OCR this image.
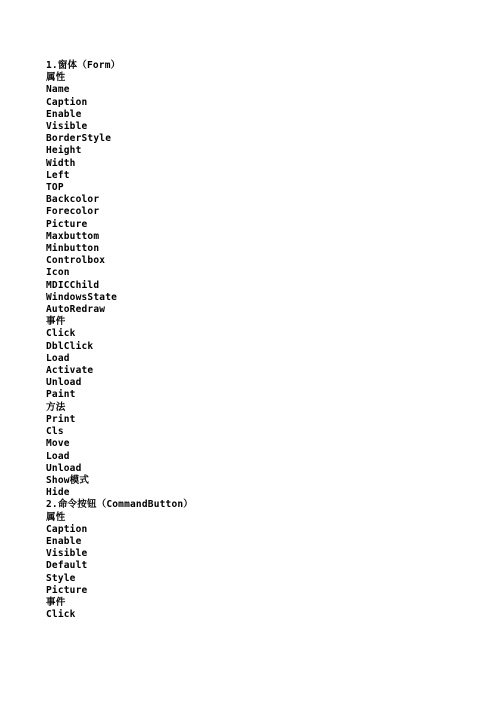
1.窗体（Form）
属性
Name
Caption
Enable
Visible
BorderStyle
Height
Width
Left
TOP
Backcolor
Forecolor
Picture
Maxbuttom
Minbutton
Controlbox
Icon
MDICChild
WindowsState
AutoRedraw
事件
Click
DblClick
Load
Activate
Unload
Paint
方法
Print
Cls
Move
Load
Unload
Show模式
Hide
2.命令按钮（CommandButton）
属性
Caption
Enable
Visible
Default
Style
Picture
事件
Click
